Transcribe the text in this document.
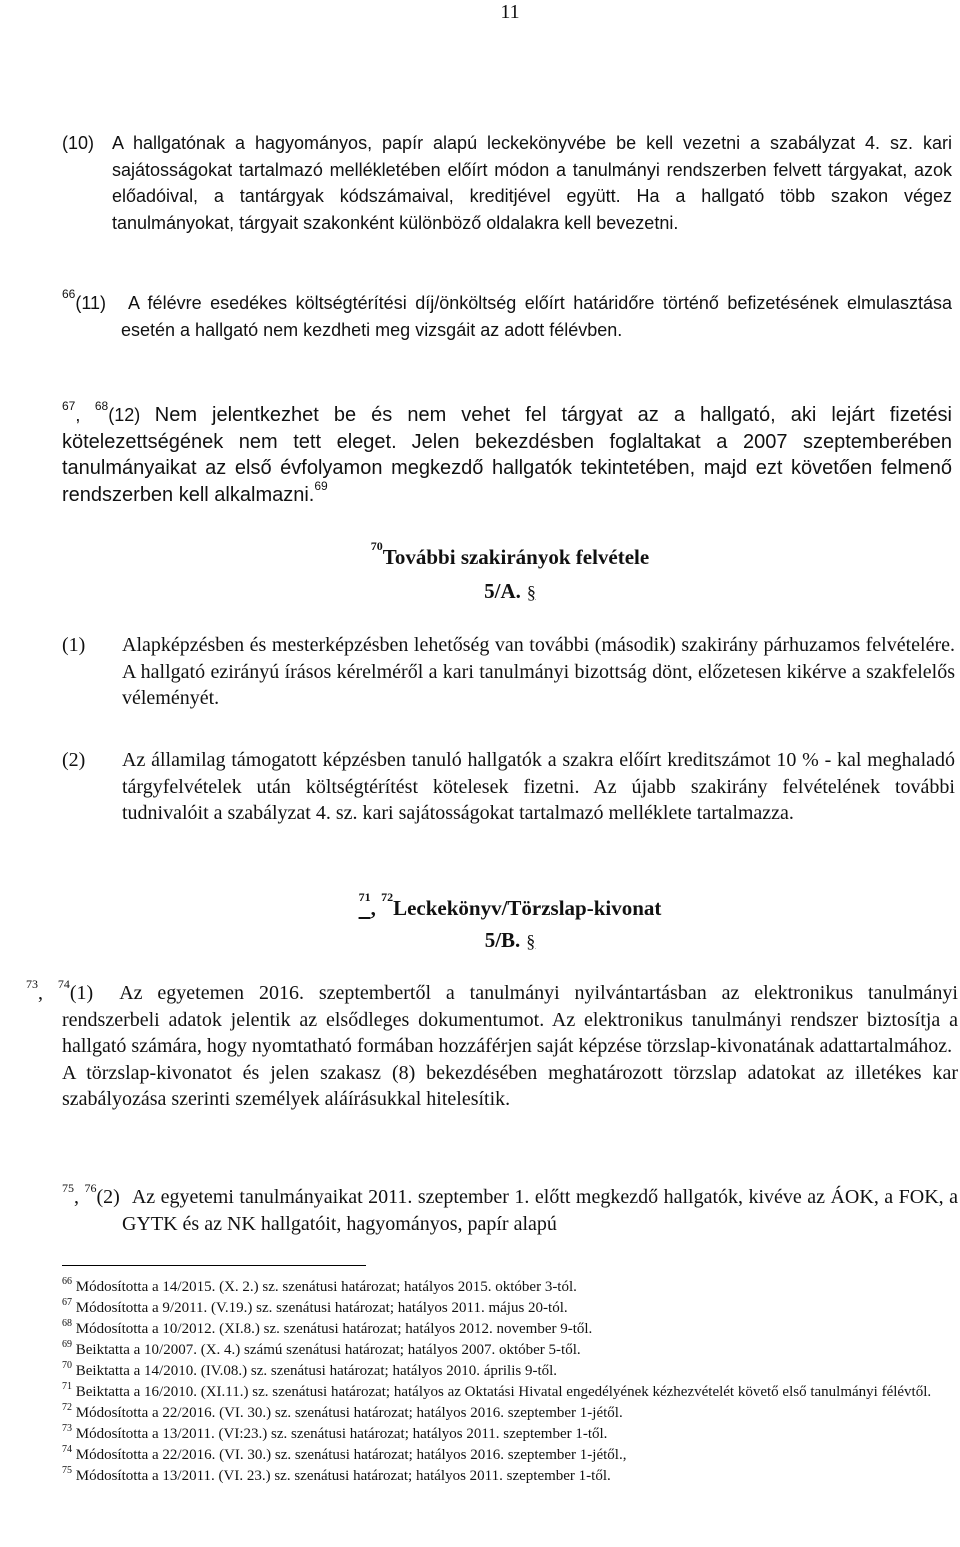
11
(10) A hallgatónak a hagyományos, papír alapú leckekönyvébe be kell vezetni a szabályzat 4. sz. kari sajátosságokat tartalmazó mellékletében előírt módon a tanulmányi rendszerben felvett tárgyakat, azok előadóival, a tantárgyak kódszámaival, kreditjével együtt. Ha a hallgató több szakon végez tanulmányokat, tárgyait szakonként különböző oldalakra kell bevezetni.

$^{66}$(11) A félévre esedékes költségtérítési díj/önköltség előírt határidőre történő befizetésének elmulasztása esetén a hallgató nem kezdheti meg vizsgáit az adott félévben.

$^{67}$, $^{68}$(12) Nem jelentkezhet be és nem vehet fel tárgyat az a hallgató, aki lejárt fizetési kötelezettségének nem tett eleget. Jelen bekezdésben foglaltakat a 2007 szeptemberében tanulmányaikat az első évfolyamon megkezdő hallgatók tekintetében, majd ezt követően felmenő rendszerben kell alkalmazni.$^{69}$

$^{70}$További szakirányok felvétele
5/A. §
(1)	Alapképzésben és mesterképzésben lehetőség van további (második) szakirány párhuzamos felvételére. A hallgató ezirányú írásos kérelméről a kari tanulmányi bizottság dönt, előzetesen kikérve a szakfelelős véleményét.

(2)	Az államilag támogatott képzésben tanuló hallgatók a szakra előírt kreditszámot 10 % - kal meghaladó tárgyfelvételek után költségtérítést kötelesek fizetni. Az újabb szakirány felvételének további tudnivalóit a szabályzat 4. sz. kari sajátosságokat tartalmazó melléklete tartalmazza.

$^{71}$, $^{72}$Leckekönyv/Törzslap-kivonat
5/B. §

$^{73}$, $^{74}$(1) Az egyetemen 2016. szeptembertől a tanulmányi nyilvántartásban az elektronikus tanulmányi rendszerbeli adatok jelentik az elsődleges dokumentumot. Az elektronikus tanulmányi rendszer biztosítja a hallgató számára, hogy nyomtatható formában hozzáférjen saját képzése törzslap-kivonatának adattartalmához.

A törzslap-kivonatot és jelen szakasz (8) bekezdésében meghatározott törzslap adatokat az illetékes kar szabályozása szerinti személyek aláírásukkal hitelesítik.

$^{75}$, $^{76}$(2) Az egyetemi tanulmányaikat 2011. szeptember 1. előtt megkezdő hallgatók, kivéve az ÁOK, a FOK, a GYTK és az NK hallgatóit, hagyományos, papír alapú

$^{66}$ Módosította a 14/2015. (X. 2.) sz. szenátusi határozat; hatályos 2015. október 3-tól.
$^{67}$ Módosította a 9/2011. (V.19.) sz. szenátusi határozat; hatályos 2011. május 20-tól.
$^{68}$ Módosította a 10/2012. (XI.8.) sz. szenátusi határozat; hatályos 2012. november 9-től.
$^{69}$ Beiktatta a 10/2007. (X. 4.) számú szenátusi határozat; hatályos 2007. október 5-től.
$^{70}$ Beiktatta a 14/2010. (IV.08.) sz. szenátusi határozat; hatályos 2010. április 9-től.
$^{71}$ Beiktatta a 16/2010. (XI.11.) sz. szenátusi határozat; hatályos az Oktatási Hivatal engedélyének kézhezvételét követő első tanulmányi félévtől.
$^{72}$ Módosította a 22/2016. (VI. 30.) sz. szenátusi határozat; hatályos 2016. szeptember 1-jétől.
$^{73}$ Módosította a 13/2011. (VI:23.) sz. szenátusi határozat; hatályos 2011. szeptember 1-től.
$^{74}$ Módosította a 22/2016. (VI. 30.) sz. szenátusi határozat; hatályos 2016. szeptember 1-jétől.,
$^{75}$ Módosította a 13/2011. (VI. 23.) sz. szenátusi határozat; hatályos 2011. szeptember 1-től.
